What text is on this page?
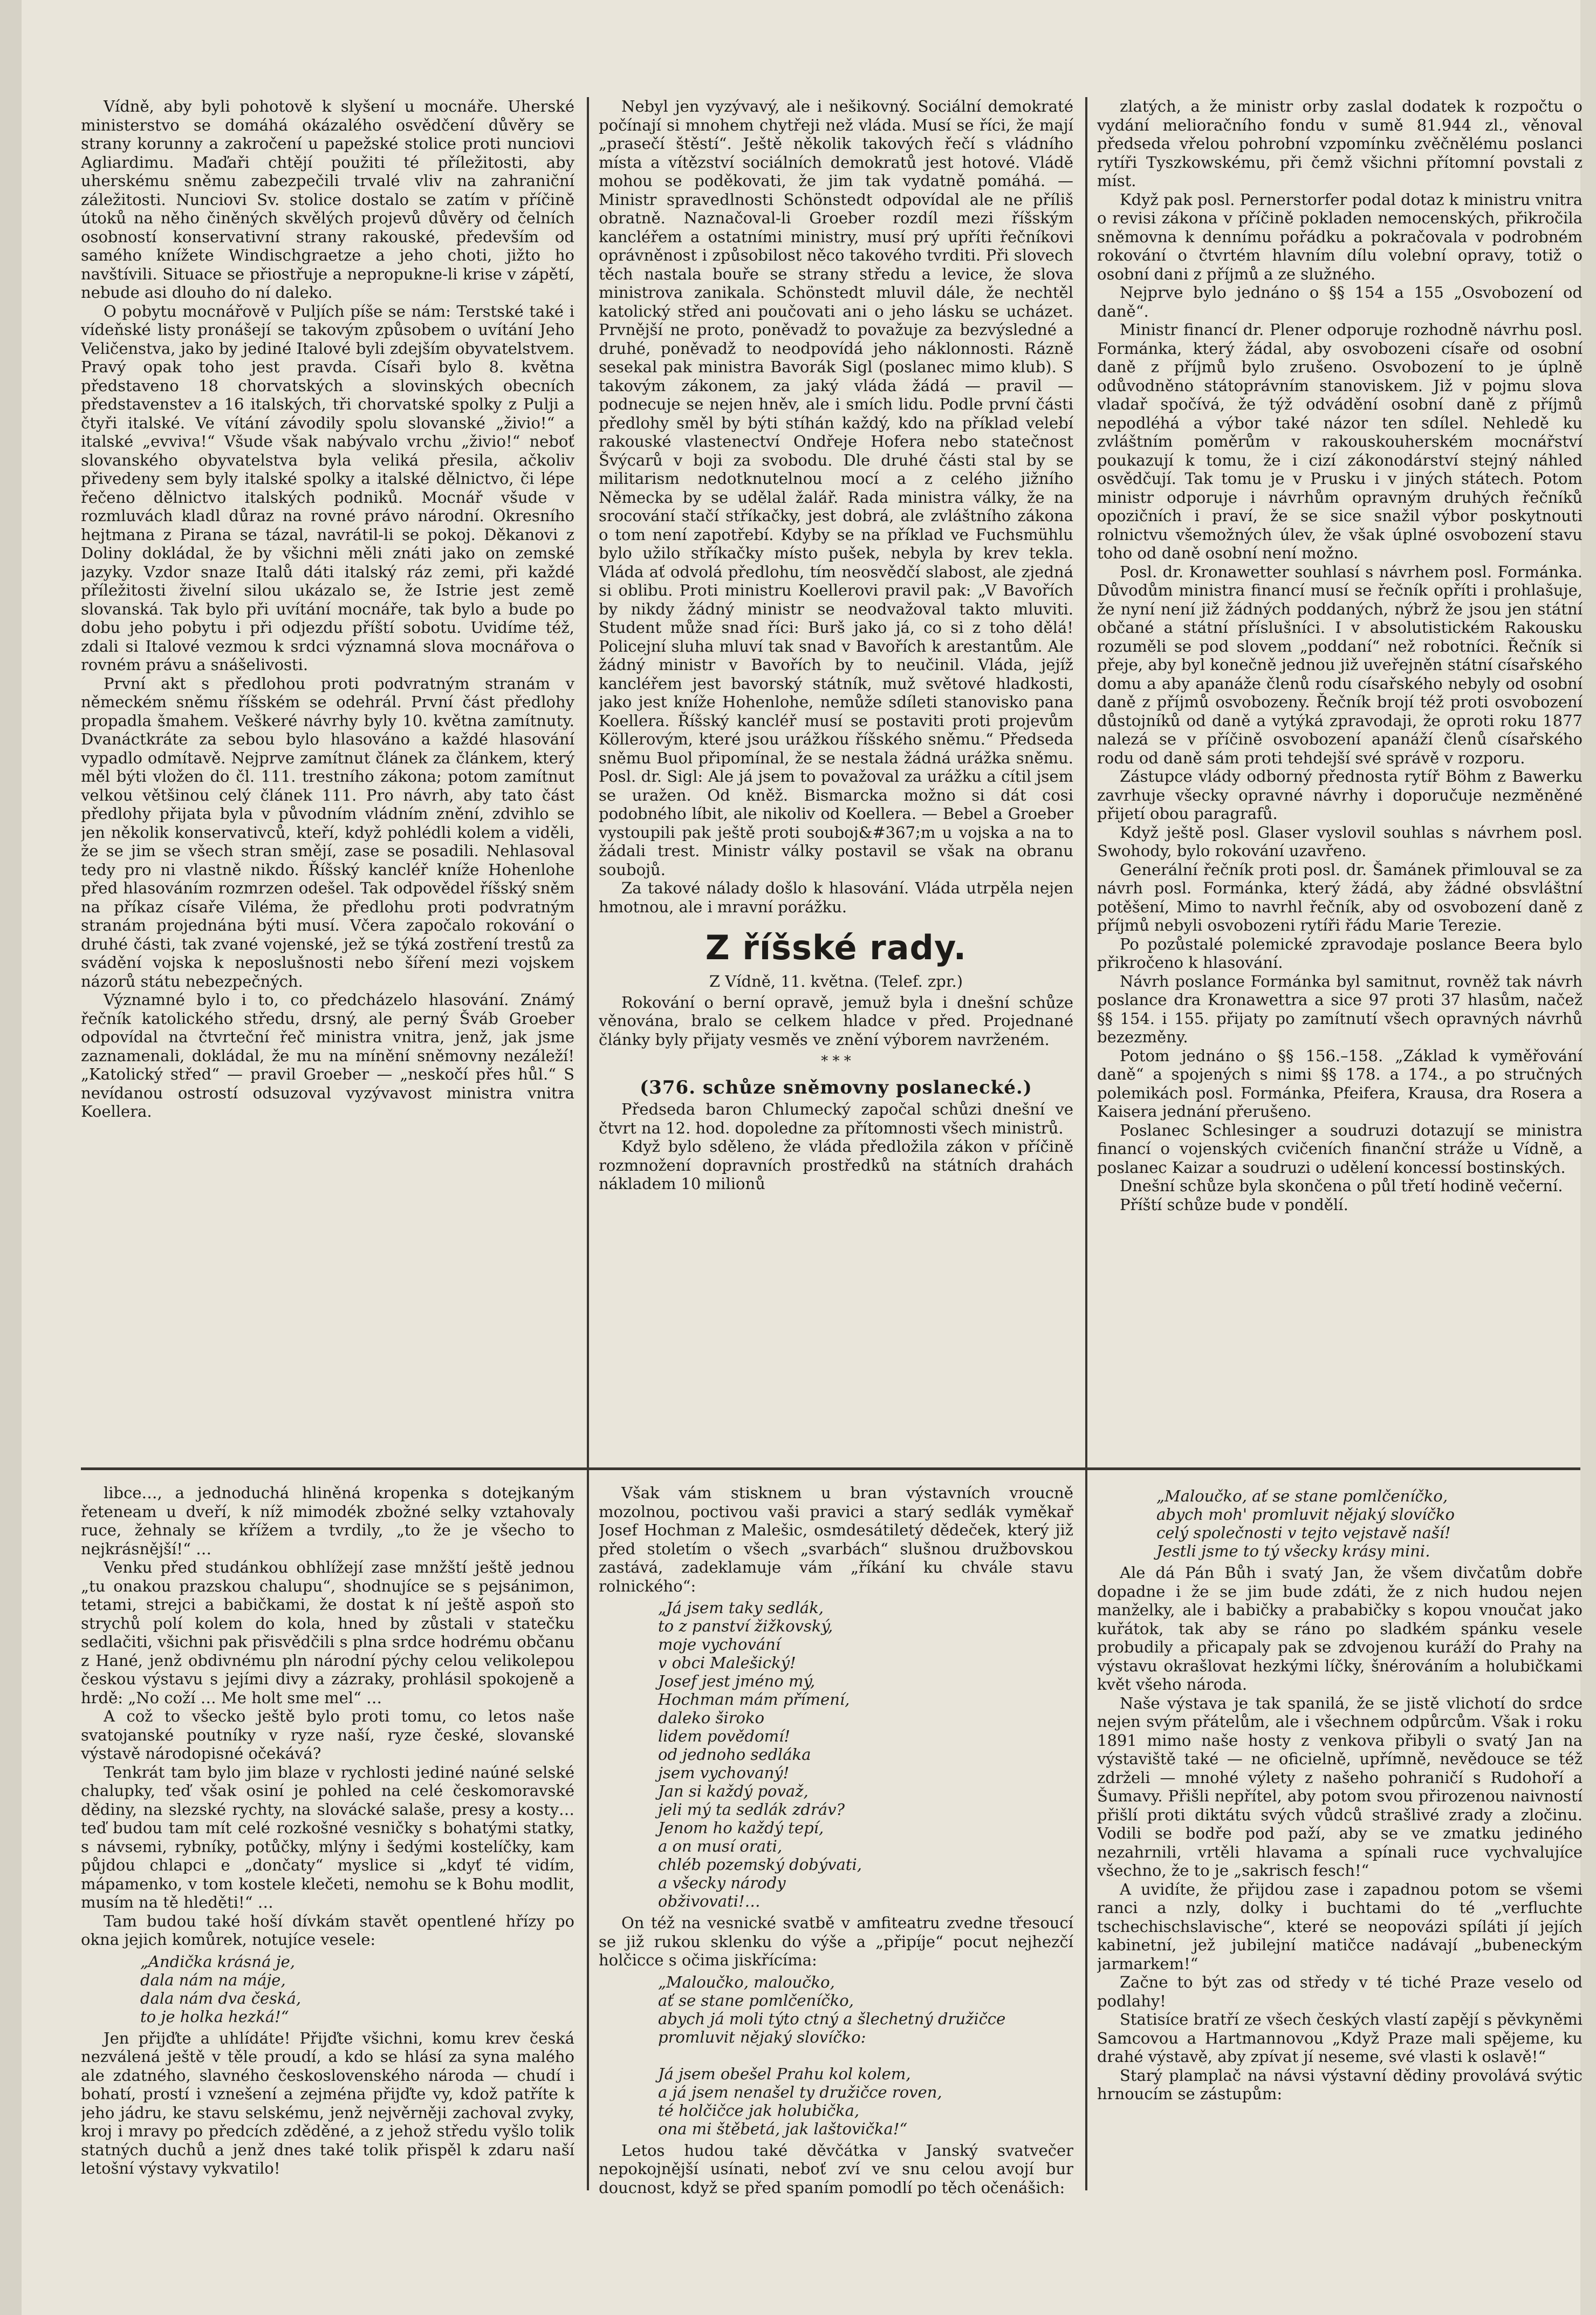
Vídně, aby byli pohotově k slyšení u mocnáře. Uherské ministerstvo se domáhá okázalého osvědčení důvěry se strany korunny a zakročení u papežské stolice proti nunciovi Agliardimu. Maďaři chtějí použiti té příležitosti, aby uherskému sněmu zabezpečili trvalé vliv na zahraniční záležitosti. Nunciovi Sv. stolice dostalo se zatím v příčině útoků na něho činěných skvělých projevů důvěry od čelních osobností konservativní strany rakouské, především od samého knížete Windischgraetze a jeho choti, jižto ho navštívili. Situace se přiostřuje a nepropukne-li krise v zápětí, nebude asi dlouho do ní daleko.

O pobytu mocnářově v Puljích píše se nám: Terstské také i vídeňské listy pronášejí se takovým způsobem o uvítání Jeho Veličenstva, jako by jediné Italové byli zdejším obyvatelstvem. Pravý opak toho jest pravda. Císaři bylo 8. května představeno 18 chorvatských a slovinských obecních představenstev a 16 italských, tři chorvatské spolky z Pulji a čtyři italské. Ve vítání závodily spolu slovanské „živio!“ a italské „evviva!“ Všude však nabývalo vrchu „živio!“ neboť slovanského obyvatelstva byla veliká přesila, ačkoliv přivedeny sem byly italské spolky a italské dělnictvo, či lépe řečeno dělnictvo italských podniků. Mocnář všude v rozmluvách kladl důraz na rovné právo národní. Okresního hejtmana z Pirana se tázal, navrátil-li se pokoj. Děkanovi z Doliny dokládal, že by všichni měli znáti jako on zemské jazyky. Vzdor snaze Italů dáti italský ráz zemi, při každé příležitosti živelní silou ukázalo se, že Istrie jest země slovanská. Tak bylo při uvítání mocnáře, tak bylo a bude po dobu jeho pobytu i při odjezdu příští sobotu. Uvidíme též, zdali si Italové vezmou k srdci významná slova mocnářova o rovném právu a snášelivosti.

První akt s předlohou proti podvratným stranám v německém sněmu říšském se odehrál. První část předlohy propadla šmahem. Veškeré návrhy byly 10. května zamítnuty. Dvanáctkráte za sebou bylo hlasováno a každé hlasování vypadlo odmítavě. Nejprve zamítnut článek za článkem, který měl býti vložen do čl. 111. trestního zákona; potom zamítnut velkou většinou celý článek 111. Pro návrh, aby tato část předlohy přijata byla v původním vládním znění, zdvihlo se jen několik konservativců, kteří, když pohlédli kolem a viděli, že se jim se všech stran smějí, zase se posadili. Nehlasoval tedy pro ni vlastně nikdo. Říšský kancléř kníže Hohenlohe před hlasováním rozmrzen odešel. Tak odpovědel říšský sněm na příkaz císaře Viléma, že předlohu proti podvratným stranám projednána býti musí. Včera započalo rokování o druhé části, tak zvané vojenské, jež se týká zostření trestů za svádění vojska k neposlušnosti nebo šíření mezi vojskem názorů státu nebezpečných.

Významné bylo i to, co předcházelo hlasování. Známý řečník katolického středu, drsný, ale perný Šváb Groeber odpovídal na čtvrteční řeč ministra vnitra, jenž, jak jsme zaznamenali, dokládal, že mu na mínění sněmovny nezáleží! „Katolický střed“ — pravil Groeber — „neskočí přes hůl.“ S nevídanou ostrostí odsuzoval vyzývavost ministra vnitra Koellera.

Nebyl jen vyzývavý, ale i nešikovný. Sociální demokraté počínají si mnohem chytřeji než vláda. Musí se říci, že mají „prasečí štěstí“. Ještě několik takových řečí s vládního místa a vítězství sociálních demokratů jest hotové. Vládě mohou se poděkovati, že jim tak vydatně pomáhá. — Ministr spravedlnosti Schönstedt odpovídal ale ne příliš obratně. Naznačoval-li Groeber rozdíl mezi říšským kancléřem a ostatními ministry, musí prý upříti řečníkovi oprávněnost i způsobilost něco takového tvrditi. Při slovech těch nastala bouře se strany středu a levice, že slova ministrova zanikala. Schönstedt mluvil dále, že nechtěl katolický střed ani poučovati ani o jeho lásku se ucházet. Prvnější ne proto, poněvadž to považuje za bezvýsledné a druhé, poněvadž to neodpovídá jeho náklonnosti. Rázně sesekal pak ministra Bavorák Sigl (poslanec mimo klub). S takovým zákonem, za jaký vláda žádá — pravil — podnecuje se nejen hněv, ale i smích lidu. Podle první části předlohy směl by býti stíhán každý, kdo na příklad velebí rakouské vlastenectví Ondřeje Hofera nebo statečnost Švýcarů v boji za svobodu. Dle druhé části stal by se militarism nedotknutelnou mocí a z celého jižního Německa by se udělal žalář. Rada ministra války, že na srocování stačí stříkačky, jest dobrá, ale zvláštního zákona o tom není zapotřebí. Kdyby se na příklad ve Fuchsmühlu bylo užilo stříkačky místo pušek, nebyla by krev tekla. Vláda ať odvolá předlohu, tím neosvědčí slabost, ale zjedná si oblibu. Proti ministru Koellerovi pravil pak: „V Bavořích by nikdy žádný ministr se neodvažoval takto mluviti. Student může snad říci: Burš jako já, co si z toho dělá! Policejní sluha mluví tak snad v Bavořích k arestantům. Ale žádný ministr v Bavořích by to neučinil. Vláda, jejíž kancléřem jest bavorský státník, muž světové hladkosti, jako jest kníže Hohenlohe, nemůže sdíleti stanovisko pana Koellera. Říšský kancléř musí se postaviti proti projevům Köllerovým, které jsou urážkou říšského sněmu.“ Předseda sněmu Buol připomínal, že se nestala žádná urážka sněmu. Posl. dr. Sigl: Ale já jsem to považoval za urážku a cítil jsem se uražen. Od kněž. Bismarcka možno si dát cosi podobného líbit, ale nikoliv od Koellera. — Bebel a Groeber vystoupili pak ještě proti souboj&#367;m u vojska a na to žádali trest. Ministr války postavil se však na obranu soubojů.

Za takové nálady došlo k hlasování. Vláda utrpěla nejen hmotnou, ale i mravní porážku.

Z říšské rady.
Z Vídně, 11. května. (Telef. zpr.)

Rokování o berní opravě, jemuž byla i dnešní schůze věnována, bralo se celkem hladce v před. Projednané články byly přijaty vesměs ve znění výborem navrženém.

* * *
(376. schůze sněmovny poslanecké.)

Předseda baron Chlumecký započal schůzi dnešní ve čtvrt na 12. hod. dopoledne za přítomnosti všech ministrů.

Když bylo sděleno, že vláda předložila zákon v příčině rozmnožení dopravních prostředků na státních drahách nákladem 10 milionů

zlatých, a že ministr orby zaslal dodatek k rozpočtu o vydání melioračního fondu v sumě 81.944 zl., věnoval předseda vřelou pohrobní vzpomínku zvěčnělému poslanci rytíři Tyszkowskému, při čemž všichni přítomní povstali z míst.

Když pak posl. Pernerstorfer podal dotaz k ministru vnitra o revisi zákona v příčině pokladen nemocenských, přikročila sněmovna k dennímu pořádku a pokračovala v podrobném rokování o čtvrtém hlavním dílu volební opravy, totiž o osobní dani z příjmů a ze služného.

Nejprve bylo jednáno o §§ 154 a 155 „Osvobození od daně“.

Ministr financí dr. Plener odporuje rozhodně návrhu posl. Formánka, který žádal, aby osvobozeni císaře od osobní daně z příjmů bylo zrušeno. Osvobození to je úplně odůvodněno státoprávním stanoviskem. Již v pojmu slova vladař spočívá, že týž odvádění osobní daně z příjmů nepodléhá a výbor také názor ten sdílel. Nehledě ku zvláštním poměrům v rakouskouherském mocnářství poukazují k tomu, že i cizí zákonodárství stejný náhled osvědčují. Tak tomu je v Prusku i v jiných státech. Potom ministr odporuje i návrhům opravným druhých řečníků opozičních i praví, že se sice snažil výbor poskytnouti rolnictvu všemožných úlev, že však úplné osvobození stavu toho od daně osobní není možno.

Posl. dr. Kronawetter souhlasí s návrhem posl. Formánka. Důvodům ministra financí musí se řečník opříti i prohlašuje, že nyní není již žádných poddaných, nýbrž že jsou jen státní občané a státní příslušníci. I v absolutistickém Rakousku rozuměli se pod slovem „poddaní“ než robotníci. Řečník si přeje, aby byl konečně jednou již uveřejněn státní císařského domu a aby apanáže členů rodu císařského nebyly od osobní daně z příjmů osvobozeny. Řečník brojí též proti osvobození důstojníků od daně a vytýká zpravodaji, že oproti roku 1877 nalezá se v příčině osvobození apanáží členů císařského rodu od daně sám proti tehdejší své správě v rozporu.

Zástupce vlády odborný přednosta rytíř Böhm z Bawerku zavrhuje všecky opravné návrhy i doporučuje nezměněné přijetí obou paragrafů.

Když ještě posl. Glaser vyslovil souhlas s návrhem posl. Swohody, bylo rokování uzavřeno.

Generální řečník proti posl. dr. Šamánek přimlouval se za návrh posl. Formánka, který žádá, aby žádné obsvláštní potěšení, Mimo to navrhl řečník, aby od osvobození daně z příjmů nebyli osvobozeni rytíři řádu Marie Terezie.

Po pozůstalé polemické zpravodaje poslance Beera bylo přikročeno k hlasování.

Návrh poslance Formánka byl samitnut, rovněž tak návrh poslance dra Kronawettra a sice 97 proti 37 hlasům, načež §§ 154. i 155. přijaty po zamítnutí všech opravných návrhů bezezměny.

Potom jednáno o §§ 156.–158. „Základ k vyměřování daně“ a spojených s nimi §§ 178. a 174., a po stručných polemikách posl. Formánka, Pfeifera, Krausa, dra Rosera a Kaisera jednání přerušeno.

Poslanec Schlesinger a soudruzi dotazují se ministra financí o vojenských cvičeních finanční stráže u Vídně, a poslanec Kaizar a soudruzi o udělení koncessí bostinských.

Dnešní schůze byla skončena o půl třetí hodině večerní.

Příští schůze bude v pondělí.

libce…, a jednoduchá hliněná kropenka s dotejkaným řeteneam u dveří, k níž mimodék zbožné selky vztahovaly ruce, žehnaly se křížem a tvrdily, „to že je všecho to nejkrásnější!“ …

Venku před studánkou obhlížejí zase mnžští ještě jednou „tu onakou prazskou chalupu“, shodnujíce se s pejsánimon, tetami, strejci a babičkami, že dostat k ní ještě aspoň sto strychů polí kolem do kola, hned by zůstali v statečku sedlačiti, všichni pak přisvědčili s plna srdce hodrému občanu z Hané, jenž obdivnému pln národní pýchy celou velikolepou českou výstavu s jejími divy a zázraky, prohlásil spokojeně a hrdě: „No coží … Me holt sme mel“ …

A což to všecko ještě bylo proti tomu, co letos naše svatojanské poutníky v ryze naší, ryze české, slovanské výstavě národopisné očekává?

Tenkrát tam bylo jim blaze v rychlosti jediné naúné selské chalupky, teď však osiní je pohled na celé českomoravské dědiny, na slezské rychty, na slovácké salaše, presy a kosty… teď budou tam mít celé rozkošné vesničky s bohatými statky, s návsemi, rybníky, potůčky, mlýny i šedými kostelíčky, kam půjdou chlapci e „dončaty“ myslice si „kdyť té vidím, mápamenko, v tom kostele klečeti, nemohu se k Bohu modlit, musím na tě hleděti!“ …

Tam budou také hoší dívkám stavět opentlené hřízy po okna jejich komůrek, notujíce vesele:

„Andička krásná je,
dala nám na máje,
dala nám dva česká,
to je holka hezká!“

Jen přijďte a uhlídáte! Přijďte všichni, komu krev česká nezválená ještě v těle proudí, a kdo se hlásí za syna malého ale zdatného, slavného československého národa — chudí i bohatí, prostí i vznešení a zejména přijďte vy, kdož patříte k jeho jádru, ke stavu selskému, jenž nejvěrněji zachoval zvyky, kroj i mravy po předcích zděděné, a z jehož středu vyšlo tolik statných duchů a jenž dnes také tolik přispěl k zdaru naší letošní výstavy vykvatilo!

Však vám stisknem u bran výstavních vroucně mozolnou, poctivou vaši pravici a starý sedlák vyměkař Josef Hochman z Malešic, osmdesátiletý dědeček, který již před stoletím o všech „svarbách“ slušnou družbovskou zastává, zadeklamuje vám „říkání ku chvále stavu rolnického“:

„Já jsem taky sedlák,
to z panství žižkovský,
moje vychování
v obci Malešický!
Josef jest jméno mý,
Hochman mám přímení,
daleko široko
lidem povědomí!
od jednoho sedláka
jsem vychovaný!
Jan si každý považ,
jeli mý ta sedlák zdráv?
Jenom ho každý tepí,
a on musí orati,
chléb pozemský dobývati,
a všecky národy
obživovati!…

On též na vesnické svatbě v amfiteatru zvedne třesoucí se již rukou sklenku do výše a „připíje“ pocut nejhezčí holčicce s očima jiskřícíma:

„Maloučko, maloučko,
ať se stane pomlčeníčko,
abych já moli týto ctný a šlechetný družičce
promluvit nějaký slovíčko:

Já jsem obešel Prahu kol kolem,
a já jsem nenašel ty družičce roven,
té holčičce jak holubička,
ona mi štěbetá, jak laštovička!“

Letos hudou také děvčátka v Janský svatvečer nepokojnější usínati, neboť zví ve snu celou avojí bur doucnost, když se před spaním pomodlí po těch očenášich:

„Maloučko, ať se stane pomlčeníčko,
abych moh' promluvit nějaký slovíčko
celý společnosti v tejto vejstavě naší!
Jestli jsme to tý všecky krásy mini.

Ale dá Pán Bůh i svatý Jan, že všem divčatům dobře dopadne i že se jim bude zdáti, že z nich hudou nejen manželky, ale i babičky a prababičky s kopou vnoučat jako kuřátok, tak aby se ráno po sladkém spánku vesele probudily a přicapaly pak se zdvojenou kuráží do Prahy na výstavu okrašlovat hezkými líčky, šnérováním a holubičkami květ všeho národa.

Naše výstava je tak spanilá, že se jistě vlichotí do srdce nejen svým přátelům, ale i všechnem odpůrcům. Však i roku 1891 mimo naše hosty z venkova přibyli o svatý Jan na výstaviště také — ne oficielně, upřímně, nevědouce se též zdrželi — mnohé výlety z našeho pohraničí s Rudohoří a Šumavy. Přišli nepřítel, aby potom svou přirozenou naivností přišlí proti diktátu svých vůdců strašlivé zrady a zločinu. Vodili se bodře pod paží, aby se ve zmatku jediného nezahrnili, vrtěli hlavama a spínali ruce vychvalujíce všechno, že to je „sakrisch fesch!“

A uvidíte, že přijdou zase i zapadnou potom se všemi ranci a nzly, dolky i buchtami do té „verfluchte tschechischslavische“, které se neopovázi spíláti jí jejích kabinetní, jež jubilejní matičce nadávají „bubeneckým jarmarkem!“

Začne to být zas od středy v té tiché Praze veselo od podlahy!

Statisíce bratří ze všech českých vlastí zapějí s pěvkyněmi Samcovou a Hartmannovou „Když Praze mali spějeme, ku drahé výstavě, aby zpívat jí neseme, své vlasti k oslavě!“

Starý plamplač na návsi výstavní dědiny provolává svýtic hrnoucím se zástupům:
